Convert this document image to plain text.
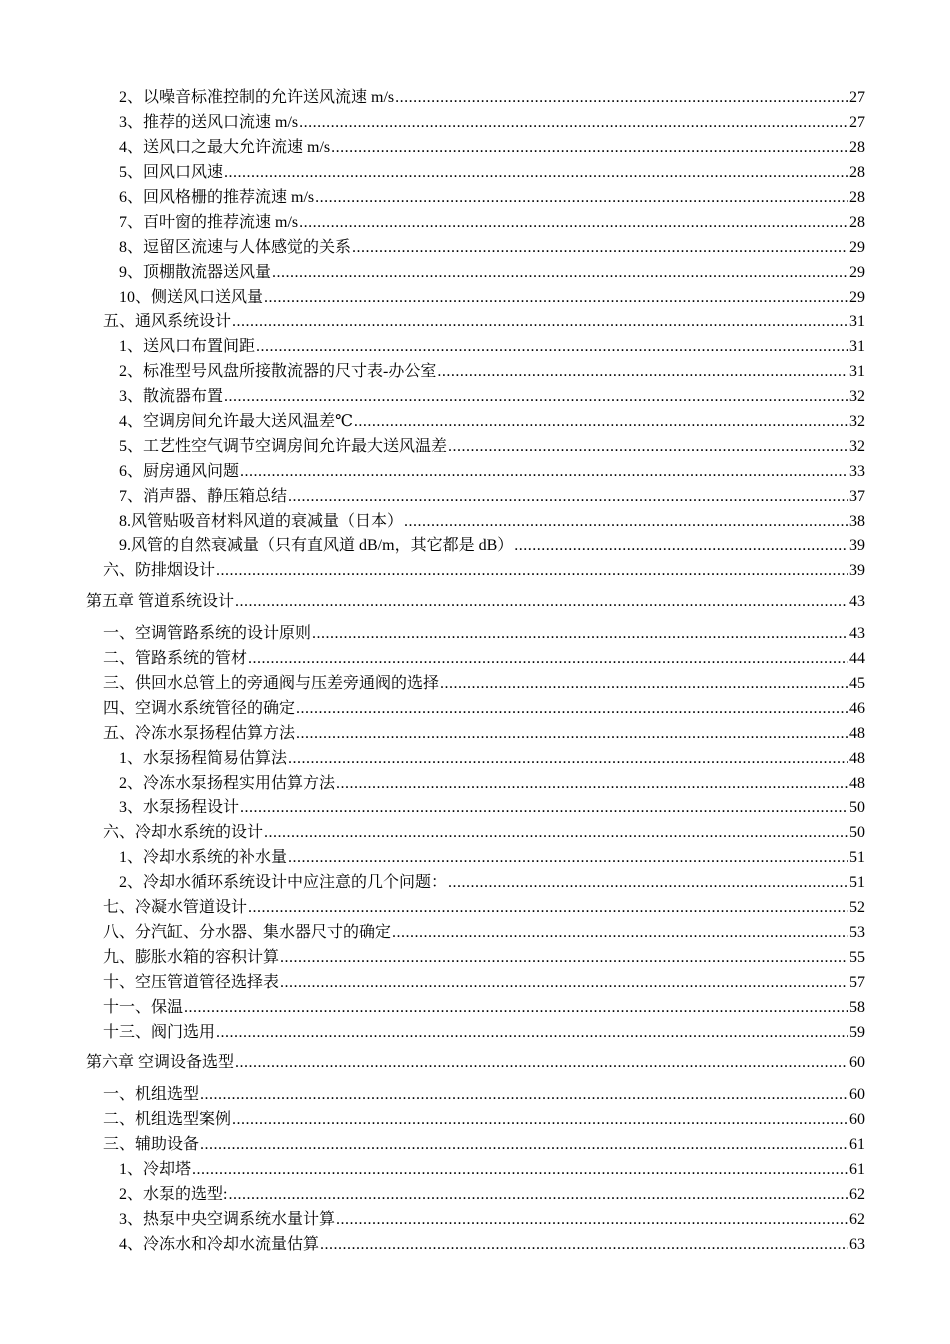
2、以噪音标准控制的允许送风流速 m/s .....	27
3、推荐的送风口流速 m/s .....	27
4、送风口之最大允许流速 m/s .....	28
5、回风口风速 .....	28
6、回风格栅的推荐流速 m/s .....	28
7、百叶窗的推荐流速 m/s .....	28
8、逗留区流速与人体感觉的关系 .....	29
9、顶棚散流器送风量 .....	29
10、侧送风口送风量 .....	29
五、通风系统设计 .....	31
1、送风口布置间距 .....	31
2、标准型号风盘所接散流器的尺寸表-办公室 .....	31
3、散流器布置 .....	32
4、空调房间允许最大送风温差℃ .....	32
5、工艺性空气调节空调房间允许最大送风温差 .....	32
6、厨房通风问题 .....	33
7、消声器、静压箱总结 .....	37
8.风管贴吸音材料风道的衰减量（日本） .....	38
9.风管的自然衰减量（只有直风道 dB/m，其它都是 dB） .....	39
六、防排烟设计 .....	39
第五章 管道系统设计 .....	43
一、空调管路系统的设计原则 .....	43
二、管路系统的管材 .....	44
三、供回水总管上的旁通阀与压差旁通阀的选择 .....	45
四、空调水系统管径的确定 .....	46
五、冷冻水泵扬程估算方法 .....	48
1、水泵扬程简易估算法 .....	48
2、冷冻水泵扬程实用估算方法 .....	48
3、水泵扬程设计 .....	50
六、冷却水系统的设计 .....	50
1、冷却水系统的补水量 .....	51
2、冷却水循环系统设计中应注意的几个问题： .....	51
七、冷凝水管道设计 .....	52
八、分汽缸、分水器、集水器尺寸的确定 .....	53
九、膨胀水箱的容积计算 .....	55
十、空压管道管径选择表 .....	57
十一、保温 .....	58
十三、阀门选用 .....	59
第六章 空调设备选型 .....	60
一、机组选型 .....	60
二、机组选型案例 .....	60
三、辅助设备 .....	61
1、冷却塔 .....	61
2、水泵的选型: .....	62
3、热泵中央空调系统水量计算 .....	62
4、冷冻水和冷却水流量估算 .....	63
